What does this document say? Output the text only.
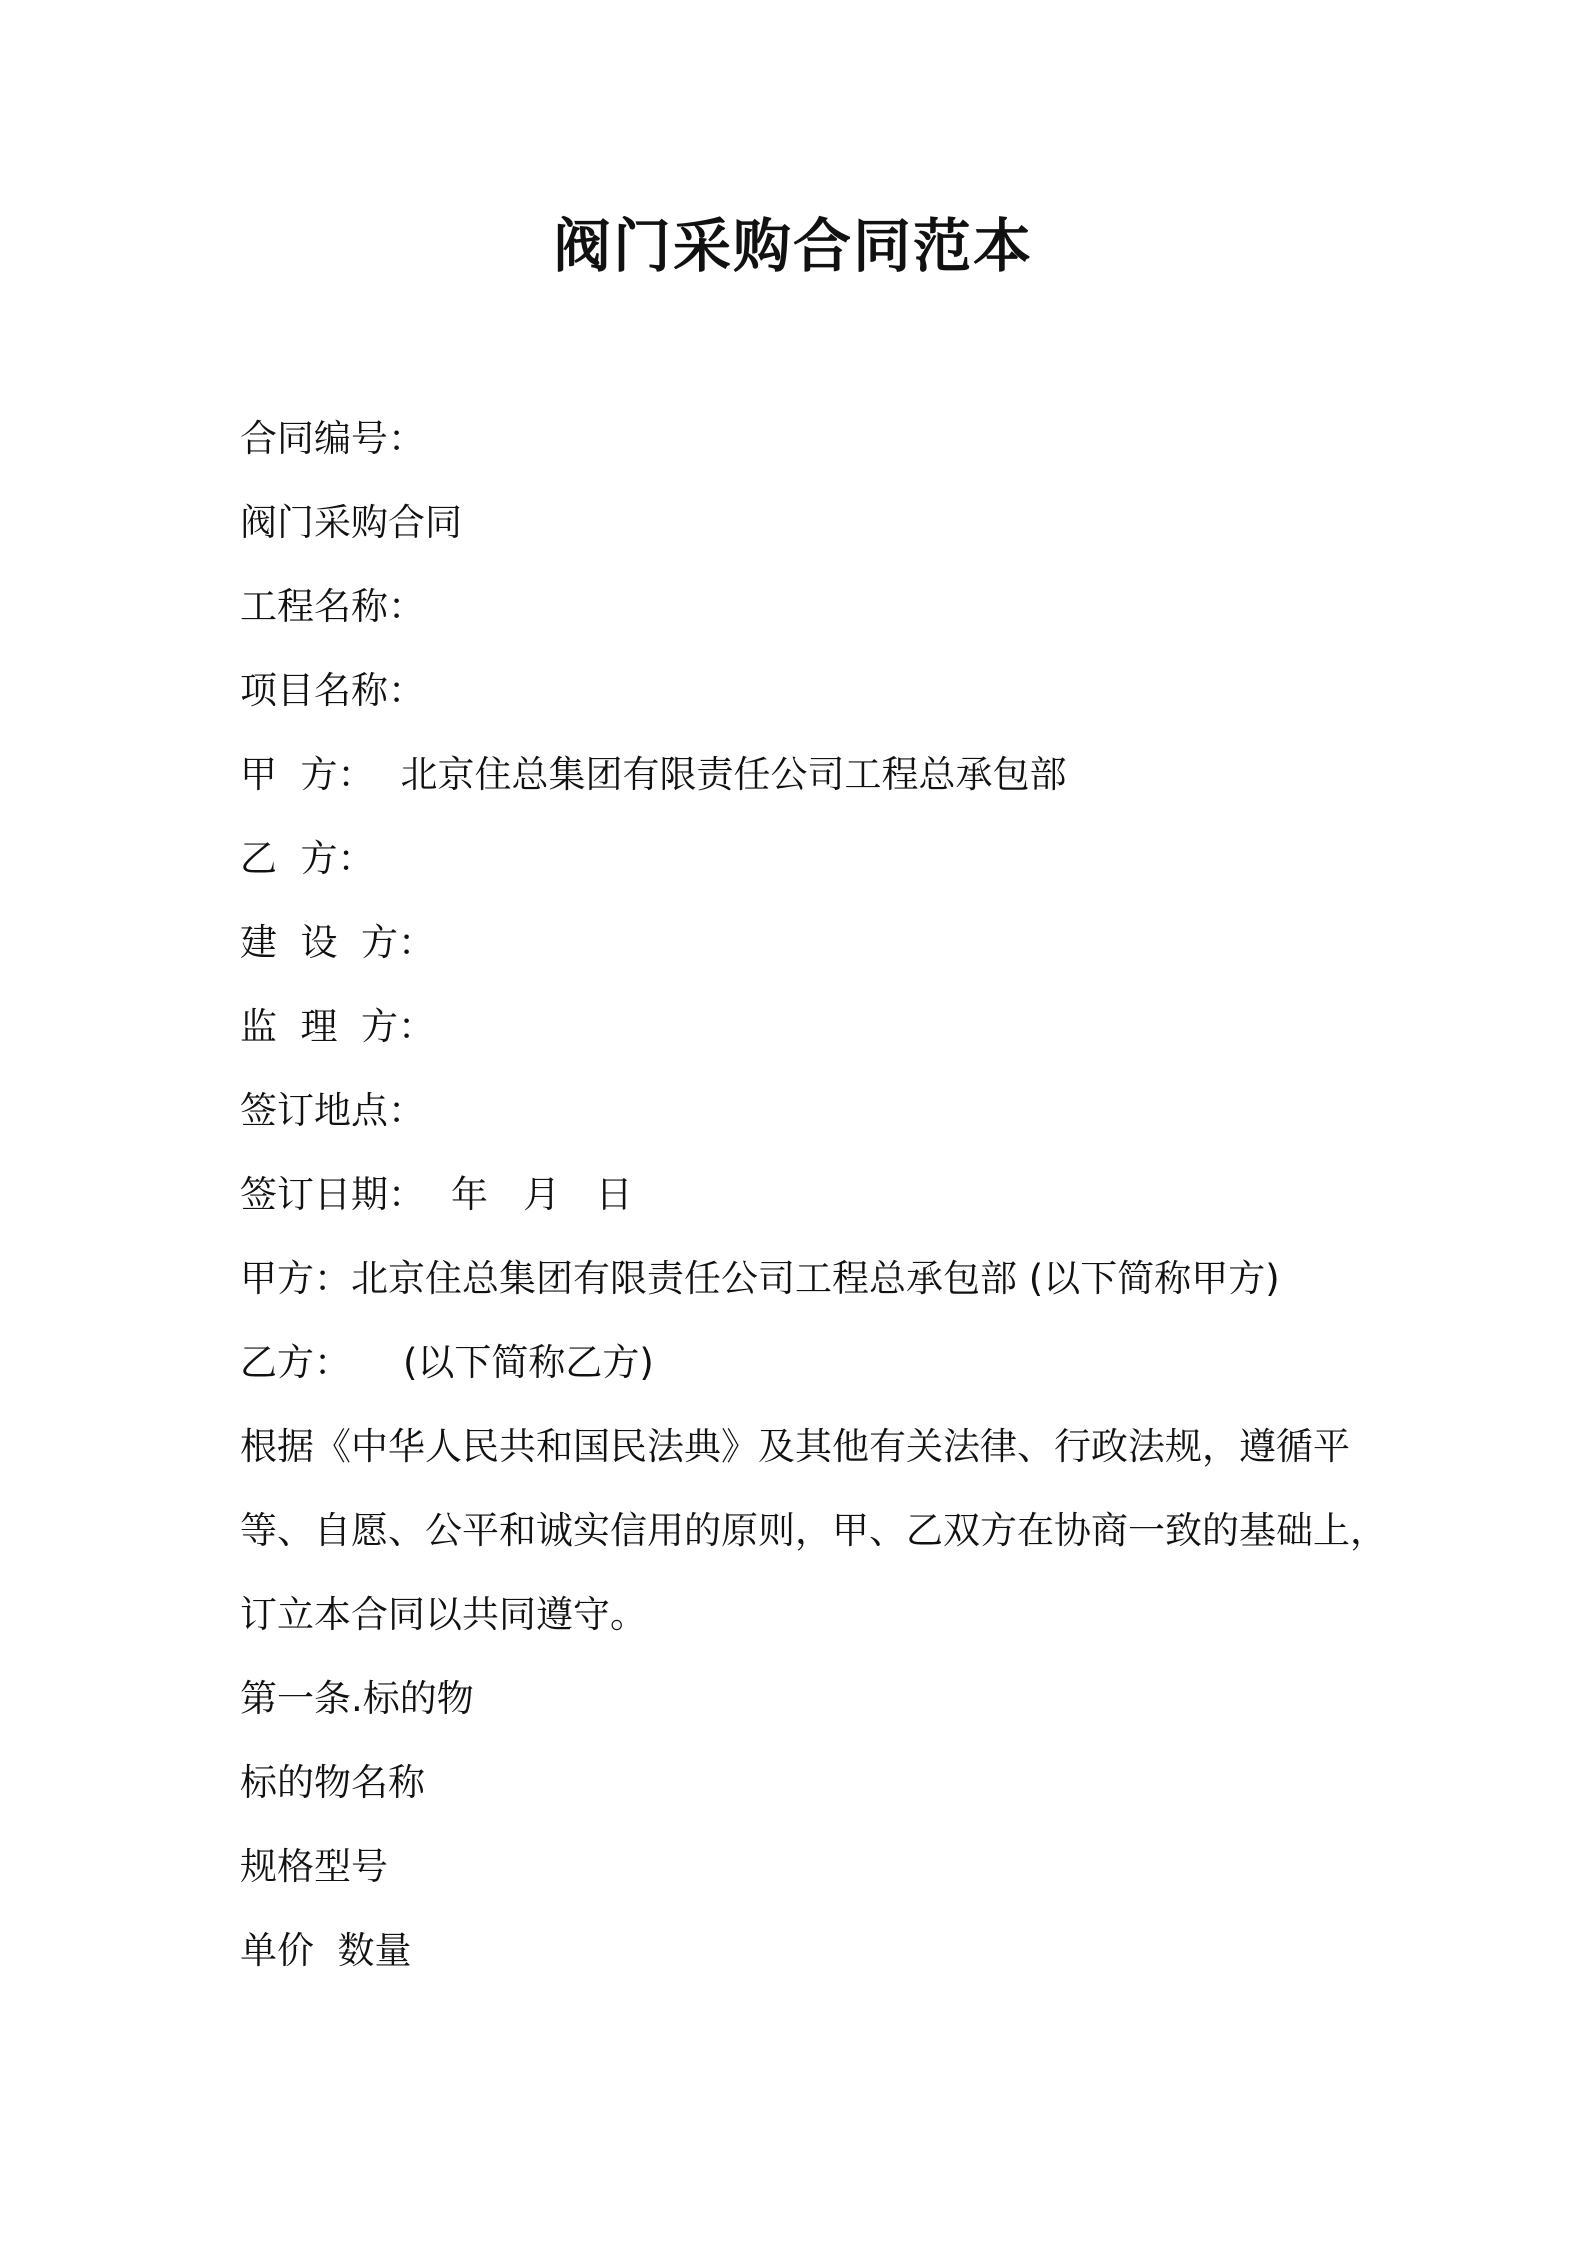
阀门采购合同范本

合同编号：

阀门采购合同

工程名称：

项目名称：

甲  方： 北京住总集团有限责任公司工程总承包部

乙  方：

建  设  方：

监  理  方：

签订地点：

签订日期： 年   月   日

甲方：北京住总集团有限责任公司工程总承包部 (以下简称甲方)

乙方： (以下简称乙方)

根据《中华人民共和国民法典》及其他有关法律、行政法规，遵循平

等、自愿、公平和诚实信用的原则，甲、乙双方在协商一致的基础上，

订立本合同以共同遵守。

第一条.标的物

标的物名称

规格型号

单价  数量
